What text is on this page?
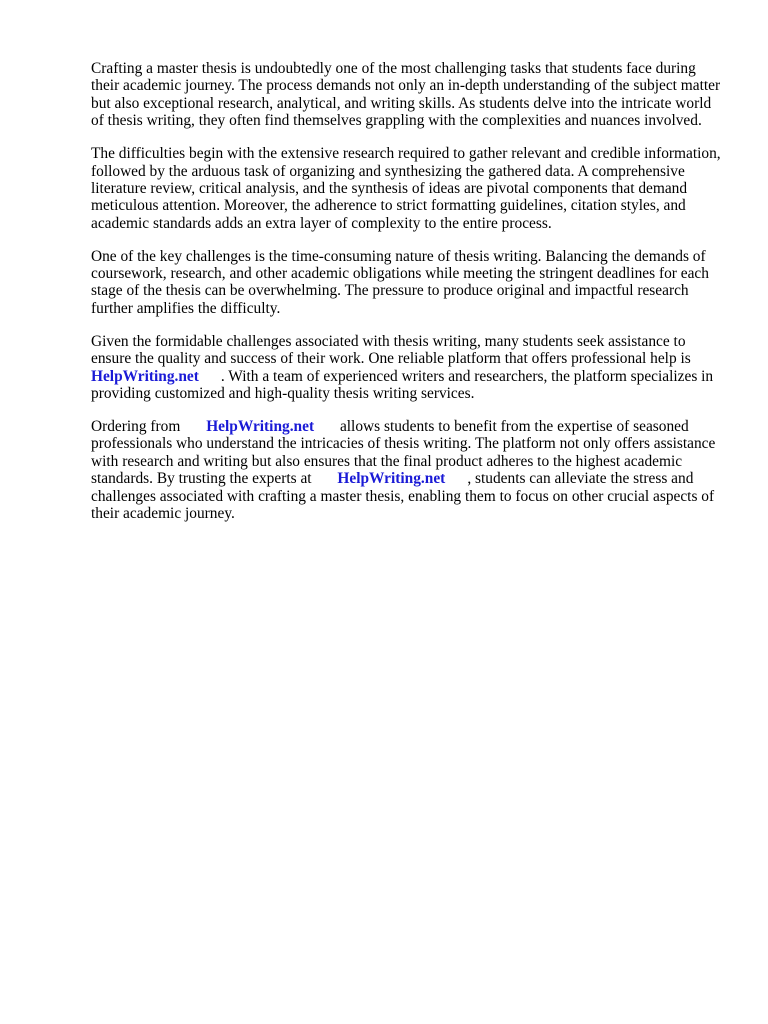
Crafting a master thesis is undoubtedly one of the most challenging tasks that students face during their academic journey. The process demands not only an in-depth understanding of the subject matter but also exceptional research, analytical, and writing skills. As students delve into the intricate world of thesis writing, they often find themselves grappling with the complexities and nuances involved.

The difficulties begin with the extensive research required to gather relevant and credible information, followed by the arduous task of organizing and synthesizing the gathered data. A comprehensive literature review, critical analysis, and the synthesis of ideas are pivotal components that demand meticulous attention. Moreover, the adherence to strict formatting guidelines, citation styles, and academic standards adds an extra layer of complexity to the entire process.

One of the key challenges is the time-consuming nature of thesis writing. Balancing the demands of coursework, research, and other academic obligations while meeting the stringent deadlines for each stage of the thesis can be overwhelming. The pressure to produce original and impactful research further amplifies the difficulty.

Given the formidable challenges associated with thesis writing, many students seek assistance to ensure the quality and success of their work. One reliable platform that offers professional help is HelpWriting.net . With a team of experienced writers and researchers, the platform specializes in providing customized and high-quality thesis writing services.

Ordering from HelpWriting.net allows students to benefit from the expertise of seasoned professionals who understand the intricacies of thesis writing. The platform not only offers assistance with research and writing but also ensures that the final product adheres to the highest academic standards. By trusting the experts at HelpWriting.net , students can alleviate the stress and challenges associated with crafting a master thesis, enabling them to focus on other crucial aspects of their academic journey.
